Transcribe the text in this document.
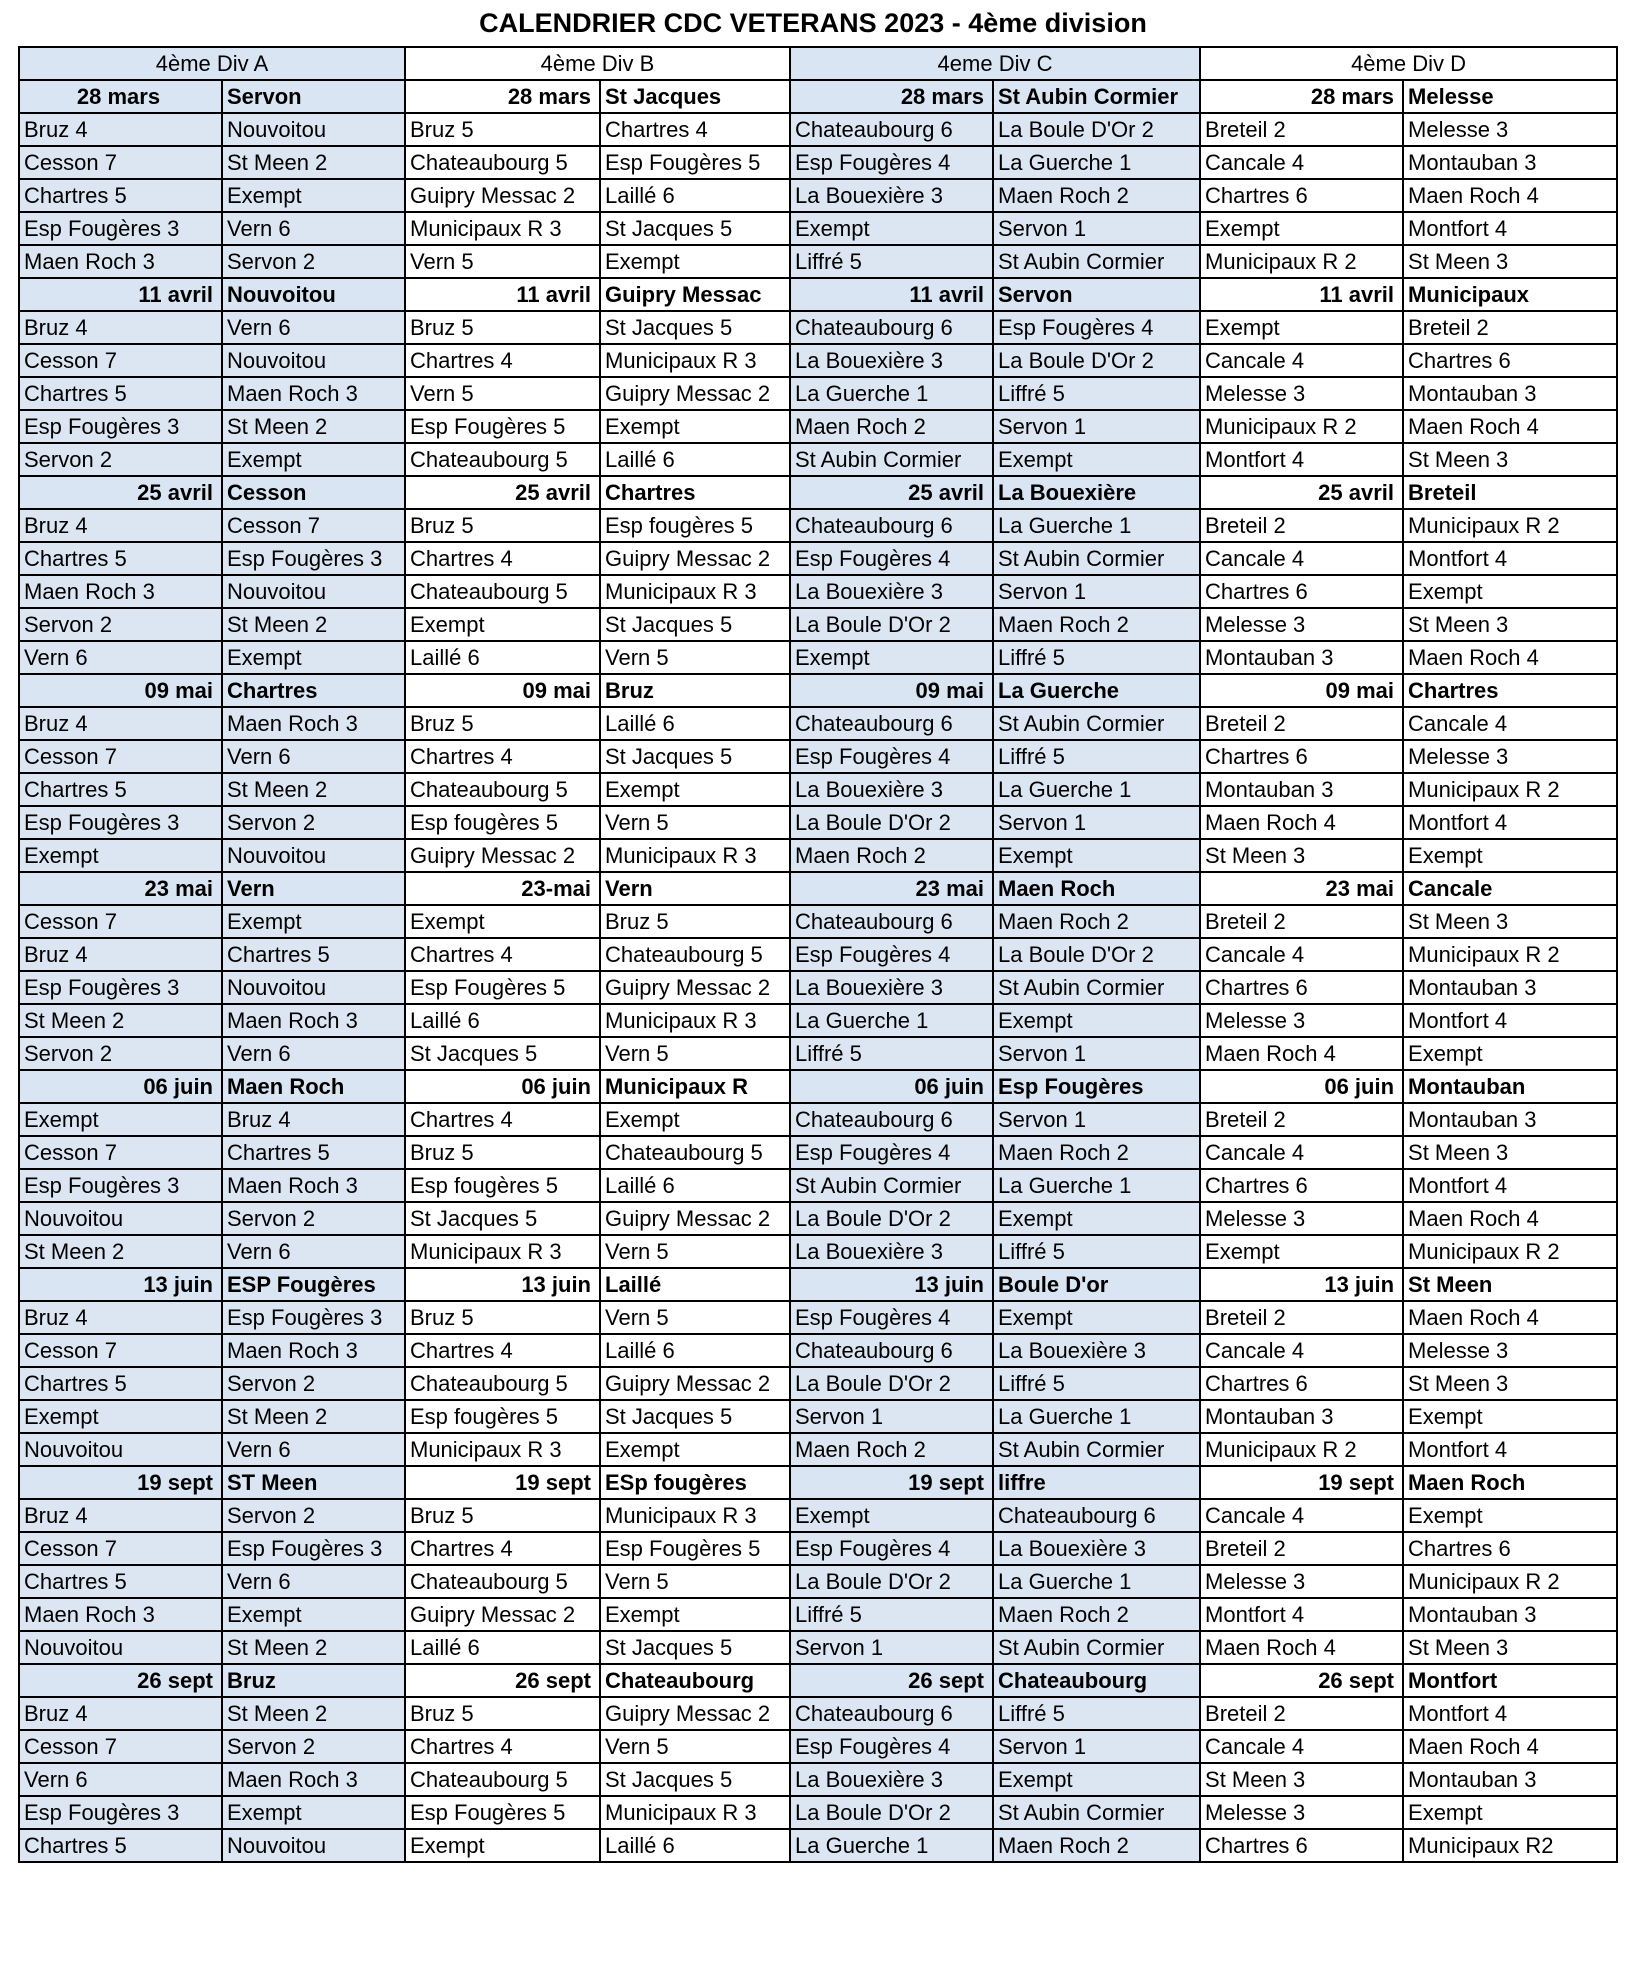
CALENDRIER CDC VETERANS 2023 - 4ème division
4ème Div A		4ème Div B		4eme Div C		4ème Div D	
28 mars	Servon	28 mars	St Jacques	28 mars	St Aubin Cormier	28 mars	Melesse
Bruz 4	Nouvoitou	Bruz 5	Chartres 4	Chateaubourg 6	La Boule D'Or 2	Breteil 2	Melesse 3
Cesson 7	St Meen 2	Chateaubourg 5	Esp Fougères 5	Esp Fougères 4	La Guerche 1	Cancale 4	Montauban 3
Chartres 5	Exempt	Guipry Messac 2	Laillé 6	La Bouexière 3	Maen Roch 2	Chartres 6	Maen Roch 4
Esp Fougères 3	Vern 6	Municipaux R 3	St Jacques 5	Exempt	Servon 1	Exempt	Montfort 4
Maen Roch 3	Servon 2	Vern 5	Exempt	Liffré 5	St Aubin Cormier	Municipaux R 2	St Meen 3
11 avril	Nouvoitou	11 avril	Guipry Messac	11 avril	Servon	11 avril	Municipaux
Bruz 4	Vern 6	Bruz 5	St Jacques 5	Chateaubourg 6	Esp Fougères 4	Exempt	Breteil 2
Cesson 7	Nouvoitou	Chartres 4	Municipaux R 3	La Bouexière 3	La Boule D'Or 2	Cancale 4	Chartres 6
Chartres 5	Maen Roch 3	Vern 5	Guipry Messac 2	La Guerche 1	Liffré 5	Melesse 3	Montauban 3
Esp Fougères 3	St Meen 2	Esp Fougères 5	Exempt	Maen Roch 2	Servon 1	Municipaux R 2	Maen Roch 4
Servon 2	Exempt	Chateaubourg 5	Laillé 6	St Aubin Cormier	Exempt	Montfort 4	St Meen 3
25 avril	Cesson	25 avril	Chartres	25 avril	La Bouexière	25 avril	Breteil
Bruz 4	Cesson 7	Bruz 5	Esp fougères 5	Chateaubourg 6	La Guerche 1	Breteil 2	Municipaux R 2
Chartres 5	Esp Fougères 3	Chartres 4	Guipry Messac 2	Esp Fougères 4	St Aubin Cormier	Cancale 4	Montfort 4
Maen Roch 3	Nouvoitou	Chateaubourg 5	Municipaux R 3	La Bouexière 3	Servon 1	Chartres 6	Exempt
Servon 2	St Meen 2	Exempt	St Jacques 5	La Boule D'Or 2	Maen Roch 2	Melesse 3	St Meen 3
Vern 6	Exempt	Laillé 6	Vern 5	Exempt	Liffré 5	Montauban 3	Maen Roch 4
09 mai	Chartres	09 mai	Bruz	09 mai	La Guerche	09 mai	Chartres
Bruz 4	Maen Roch 3	Bruz 5	Laillé 6	Chateaubourg 6	St Aubin Cormier	Breteil 2	Cancale 4
Cesson 7	Vern 6	Chartres 4	St Jacques 5	Esp Fougères 4	Liffré 5	Chartres 6	Melesse 3
Chartres 5	St Meen 2	Chateaubourg 5	Exempt	La Bouexière 3	La Guerche 1	Montauban 3	Municipaux R 2
Esp Fougères 3	Servon 2	Esp fougères 5	Vern 5	La Boule D'Or 2	Servon 1	Maen Roch 4	Montfort 4
Exempt	Nouvoitou	Guipry Messac 2	Municipaux R 3	Maen Roch 2	Exempt	St Meen 3	Exempt
23 mai	Vern	23-mai	Vern	23 mai	Maen Roch	23 mai	Cancale
Cesson 7	Exempt	Exempt	Bruz 5	Chateaubourg 6	Maen Roch 2	Breteil 2	St Meen 3
Bruz 4	Chartres 5	Chartres 4	Chateaubourg 5	Esp Fougères 4	La Boule D'Or 2	Cancale 4	Municipaux R 2
Esp Fougères 3	Nouvoitou	Esp Fougères 5	Guipry Messac 2	La Bouexière 3	St Aubin Cormier	Chartres 6	Montauban 3
St Meen 2	Maen Roch 3	Laillé 6	Municipaux R 3	La Guerche 1	Exempt	Melesse 3	Montfort 4
Servon 2	Vern 6	St Jacques 5	Vern 5	Liffré 5	Servon 1	Maen Roch 4	Exempt
06 juin	Maen Roch	06 juin	Municipaux R	06 juin	Esp Fougères	06 juin	Montauban
Exempt	Bruz 4	Chartres 4	Exempt	Chateaubourg 6	Servon 1	Breteil 2	Montauban 3
Cesson 7	Chartres 5	Bruz 5	Chateaubourg 5	Esp Fougères 4	Maen Roch 2	Cancale 4	St Meen 3
Esp Fougères 3	Maen Roch 3	Esp fougères 5	Laillé 6	St Aubin Cormier	La Guerche 1	Chartres 6	Montfort 4
Nouvoitou	Servon 2	St Jacques 5	Guipry Messac 2	La Boule D'Or 2	Exempt	Melesse 3	Maen Roch 4
St Meen 2	Vern 6	Municipaux R 3	Vern 5	La Bouexière 3	Liffré 5	Exempt	Municipaux R 2
13 juin	ESP Fougères	13 juin	Laillé	13 juin	Boule D'or	13 juin	St Meen
Bruz 4	Esp Fougères 3	Bruz 5	Vern 5	Esp Fougères 4	Exempt	Breteil 2	Maen Roch 4
Cesson 7	Maen Roch 3	Chartres 4	Laillé 6	Chateaubourg 6	La Bouexière 3	Cancale 4	Melesse 3
Chartres 5	Servon 2	Chateaubourg 5	Guipry Messac 2	La Boule D'Or 2	Liffré 5	Chartres 6	St Meen 3
Exempt	St Meen 2	Esp fougères 5	St Jacques 5	Servon 1	La Guerche 1	Montauban 3	Exempt
Nouvoitou	Vern 6	Municipaux R 3	Exempt	Maen Roch 2	St Aubin Cormier	Municipaux R 2	Montfort 4
19 sept	ST Meen	19 sept	ESp fougères	19 sept	liffre	19 sept	Maen Roch
Bruz 4	Servon 2	Bruz 5	Municipaux R 3	Exempt	Chateaubourg 6	Cancale 4	Exempt
Cesson 7	Esp Fougères 3	Chartres 4	Esp Fougères 5	Esp Fougères 4	La Bouexière 3	Breteil 2	Chartres 6
Chartres 5	Vern 6	Chateaubourg 5	Vern 5	La Boule D'Or 2	La Guerche 1	Melesse 3	Municipaux R 2
Maen Roch 3	Exempt	Guipry Messac 2	Exempt	Liffré 5	Maen Roch 2	Montfort 4	Montauban 3
Nouvoitou	St Meen 2	Laillé 6	St Jacques 5	Servon 1	St Aubin Cormier	Maen Roch 4	St Meen 3
26 sept	Bruz	26 sept	Chateaubourg	26 sept	Chateaubourg	26 sept	Montfort
Bruz 4	St Meen 2	Bruz 5	Guipry Messac 2	Chateaubourg 6	Liffré 5	Breteil 2	Montfort 4
Cesson 7	Servon 2	Chartres 4	Vern 5	Esp Fougères 4	Servon 1	Cancale 4	Maen Roch 4
Vern 6	Maen Roch 3	Chateaubourg 5	St Jacques 5	La Bouexière 3	Exempt	St Meen 3	Montauban 3
Esp Fougères 3	Exempt	Esp Fougères 5	Municipaux R 3	La Boule D'Or 2	St Aubin Cormier	Melesse 3	Exempt
Chartres 5	Nouvoitou	Exempt	Laillé 6	La Guerche 1	Maen Roch 2	Chartres 6	Municipaux R2
